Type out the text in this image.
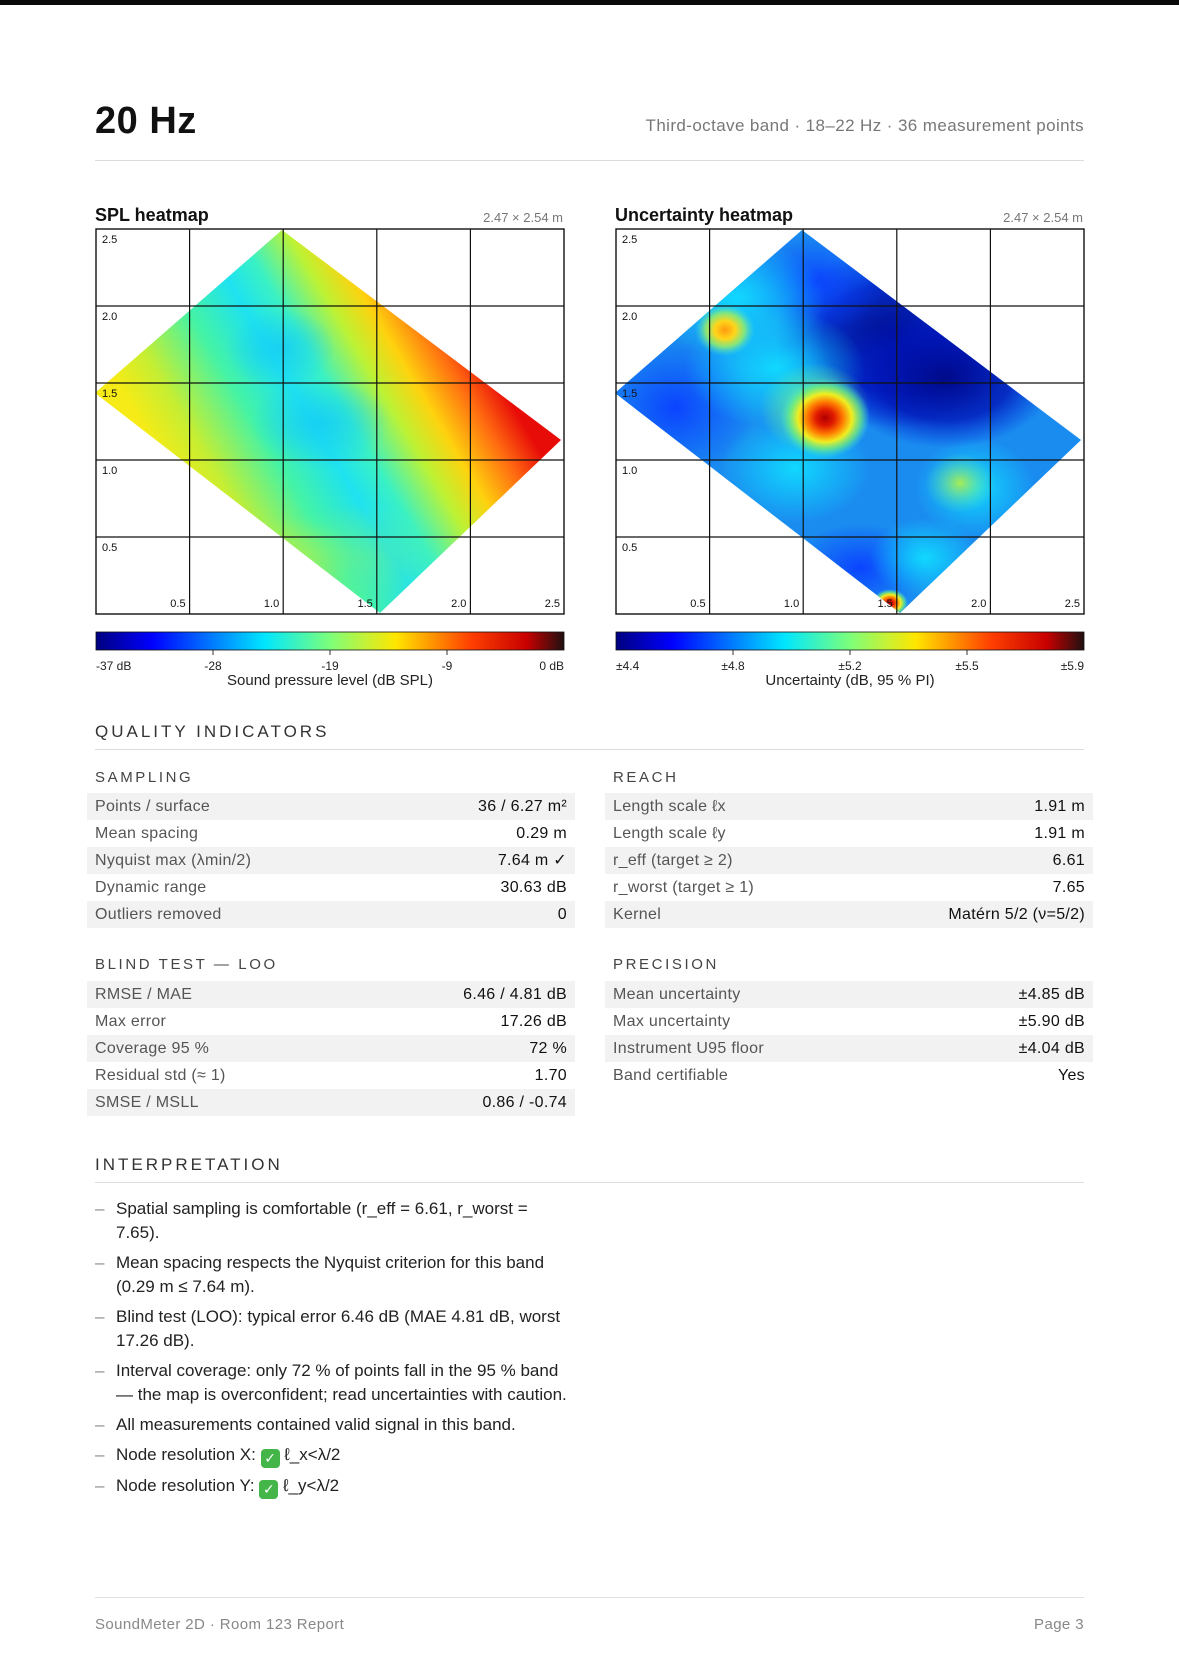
20 Hz	Third-octave band · 18–22 Hz · 36 measurement points
SPL heatmap	2.47 × 2.54 m
0.5	1.0	1.5	2.0	2.5
2.5
2.0
1.5
1.0
0.5
-37 dB	-28	-19	-9	0 dB
Sound pressure level (dB SPL)
Uncertainty heatmap	2.47 × 2.54 m
0.5	1.0	1.5	2.0	2.5
2.5
2.0
1.5
1.0
0.5
±4.4	±4.8	±5.2	±5.5	±5.9
Uncertainty (dB, 95 % PI)
QUALITY INDICATORS
SAMPLING
Points / surface	36 / 6.27 m²
Mean spacing	0.29 m
Nyquist max (λmin/2)	7.64 m ✓
Dynamic range	30.63 dB
Outliers removed	0
REACH
Length scale ℓx	1.91 m
Length scale ℓy	1.91 m
r_eff (target ≥ 2)	6.61
r_worst (target ≥ 1)	7.65
Kernel	Matérn 5/2 (ν=5/2)
BLIND TEST — LOO
RMSE / MAE	6.46 / 4.81 dB
Max error	17.26 dB
Coverage 95 %	72 %
Residual std (≈ 1)	1.70
SMSE / MSLL	0.86 / -0.74
PRECISION
Mean uncertainty	±4.85 dB
Max uncertainty	±5.90 dB
Instrument U95 floor	±4.04 dB
Band certifiable	Yes
INTERPRETATION
– Spatial sampling is comfortable (r_eff = 6.61, r_worst = 7.65).
– Mean spacing respects the Nyquist criterion for this band (0.29 m ≤ 7.64 m).
– Blind test (LOO): typical error 6.46 dB (MAE 4.81 dB, worst 17.26 dB).
– Interval coverage: only 72 % of points fall in the 95 % band — the map is overconfident; read uncertainties with caution.
– All measurements contained valid signal in this band.
– Node resolution X: ✓ ℓ_x<λ/2
– Node resolution Y: ✓ ℓ_y<λ/2
SoundMeter 2D · Room 123 Report	Page 3
